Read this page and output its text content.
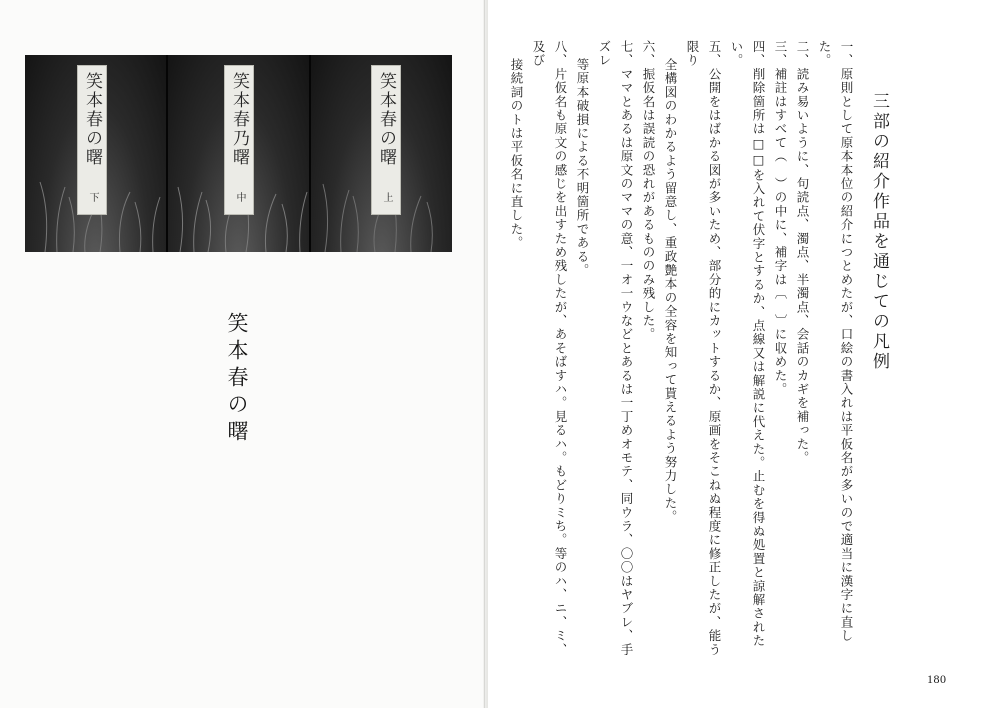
笑本春の曙
下
笑本春乃曙
中
笑本春の曙
上
笑本春の曙
三部の紹介作品を通じての凡例
一、原則として原本本位の紹介につとめたが、口絵の書入れは平仮名が多いので適当に漢字に直した。
二、読み易いように、句読点、濁点、半濁点、会話のカギを補った。
三、補註はすべて（　）の中に、補字は〔　〕に収めた。
四、削除箇所は□□を入れて伏字とするか、点線又は解説に代えた。止むを得ぬ処置と諒解されたい。
五、公開をはばかる図が多いため、部分的にカットするか、原画をそこねぬ程度に修正したが、能う限り
全構図のわかるよう留意し、重政艶本の全容を知って貰えるよう努力した。
六、振仮名は誤読の恐れがあるもののみ残した。
七、ママとあるは原文のママの意、一オ一ウなどとあるは一丁めオモテ、同ウラ、〇〇はヤブレ、手ズレ
等原本破損による不明箇所である。
八、片仮名も原文の感じを出すため残したが、あそばすハ。見るハ。もどりミち。等のハ、ニ、ミ、及び
接続詞のトは平仮名に直した。
180
